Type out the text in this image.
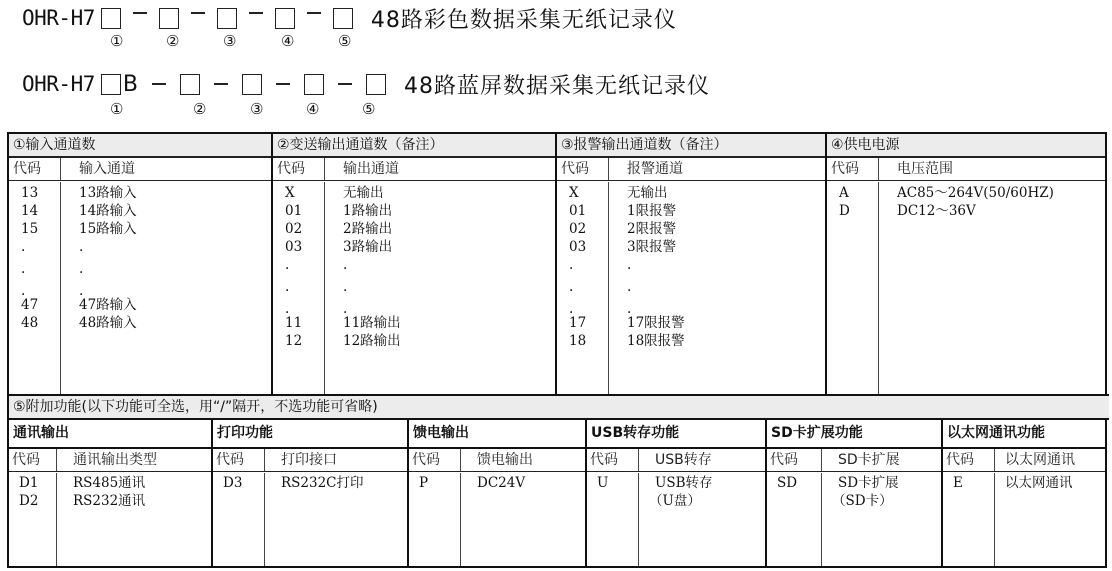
OHR-H7	48路彩色数据采集无纸记录仪
①	②	③	④	⑤
OHR-H7 B	48路蓝屏数据采集无纸记录仪
①	②	③	④	⑤
①输入通道数
代码	输入通道
13	13路输入
14	14路输入
15	15路输入
.	.
.	.
.	.
47	47路输入
48	48路输入
②变送输出通道数（备注）
代码	输出通道
X	无输出
01	1路输出
02	2路输出
03	3路输出
.	.
.	.
.	.
11	11路输出
12	12路输出
③报警输出通道数（备注）
代码	报警通道
X	无输出
01	1限报警
02	2限报警
03	3限报警
.	.
.	.
.	.
17	17限报警
18	18限报警
④供电电源
代码	电压范围
A	AC85～264V(50/60HZ)
D	DC12～36V
⑤附加功能(以下功能可全选，用“/”隔开，不选功能可省略)
通讯输出
代码	通讯输出类型
D1	RS485通讯
D2	RS232通讯
打印功能
代码	打印接口
D3	RS232C打印
馈电输出
代码	馈电输出
P	DC24V
USB转存功能
代码	USB转存
U	USB转存
（U盘）
SD卡扩展功能
代码	SD卡扩展
SD	SD卡扩展
（SD卡）
以太网通讯功能
代码	以太网通讯
E	以太网通讯
